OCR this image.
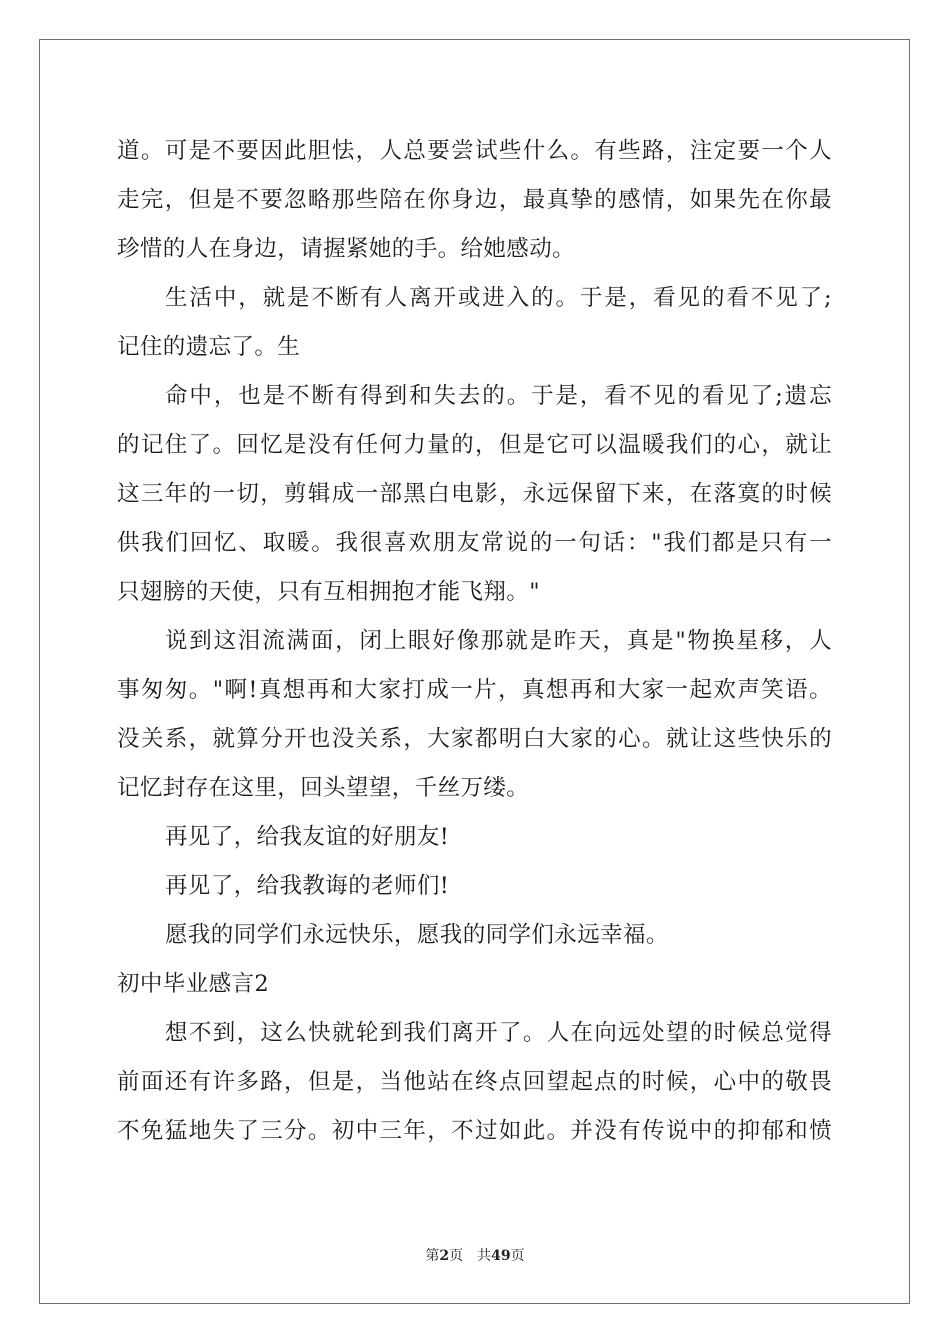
道。可是不要因此胆怯，人总要尝试些什么。有些路，注定要一个人
走完，但是不要忽略那些陪在你身边，最真挚的感情，如果先在你最
珍惜的人在身边，请握紧她的手。给她感动。
生活中，就是不断有人离开或进入的。于是，看见的看不见了;
记住的遗忘了。生
命中，也是不断有得到和失去的。于是，看不见的看见了;遗忘
的记住了。回忆是没有任何力量的，但是它可以温暖我们的心，就让
这三年的一切，剪辑成一部黑白电影，永远保留下来，在落寞的时候
供我们回忆、取暖。我很喜欢朋友常说的一句话："我们都是只有一
只翅膀的天使，只有互相拥抱才能飞翔。"
说到这泪流满面，闭上眼好像那就是昨天，真是"物换星移，人
事匆匆。"啊!真想再和大家打成一片，真想再和大家一起欢声笑语。
没关系，就算分开也没关系，大家都明白大家的心。就让这些快乐的
记忆封存在这里，回头望望，千丝万缕。
再见了，给我友谊的好朋友!
再见了，给我教诲的老师们!
愿我的同学们永远快乐，愿我的同学们永远幸福。
初中毕业感言2
想不到，这么快就轮到我们离开了。人在向远处望的时候总觉得
前面还有许多路，但是，当他站在终点回望起点的时候，心中的敬畏
不免猛地失了三分。初中三年，不过如此。并没有传说中的抑郁和愤
第2页 共49页
